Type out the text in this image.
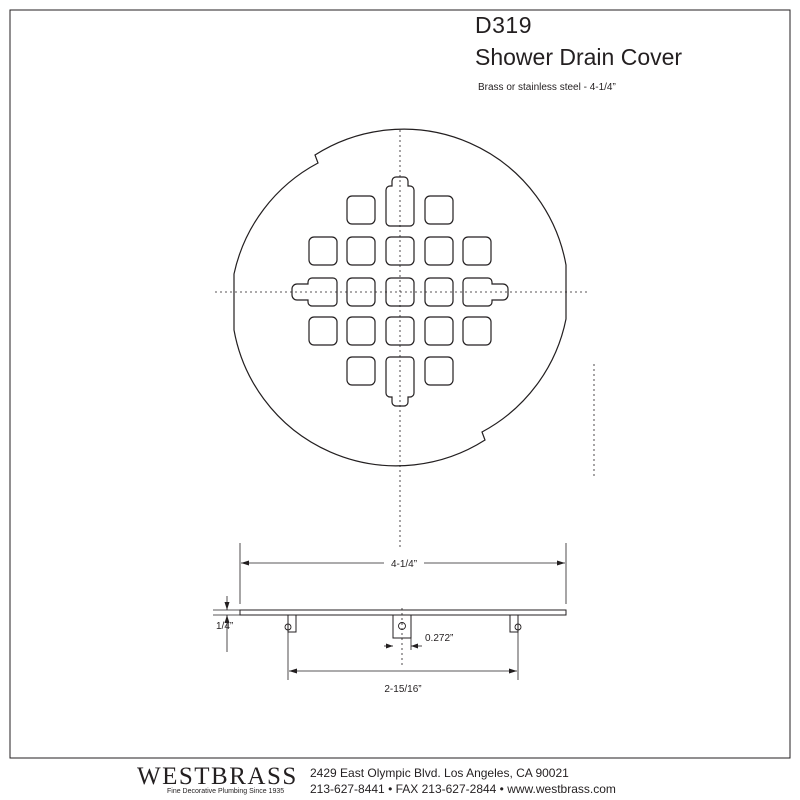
4-1/4”
1/4”
0.272”
2-15/16”
D319
Shower Drain Cover
Brass or stainless steel - 4-1/4”
WESTBRASS
Fine Decorative Plumbing Since 1935
2429 East Olympic Blvd. Los Angeles, CA 90021
213-627-8441 • FAX 213-627-2844 • www.westbrass.com
